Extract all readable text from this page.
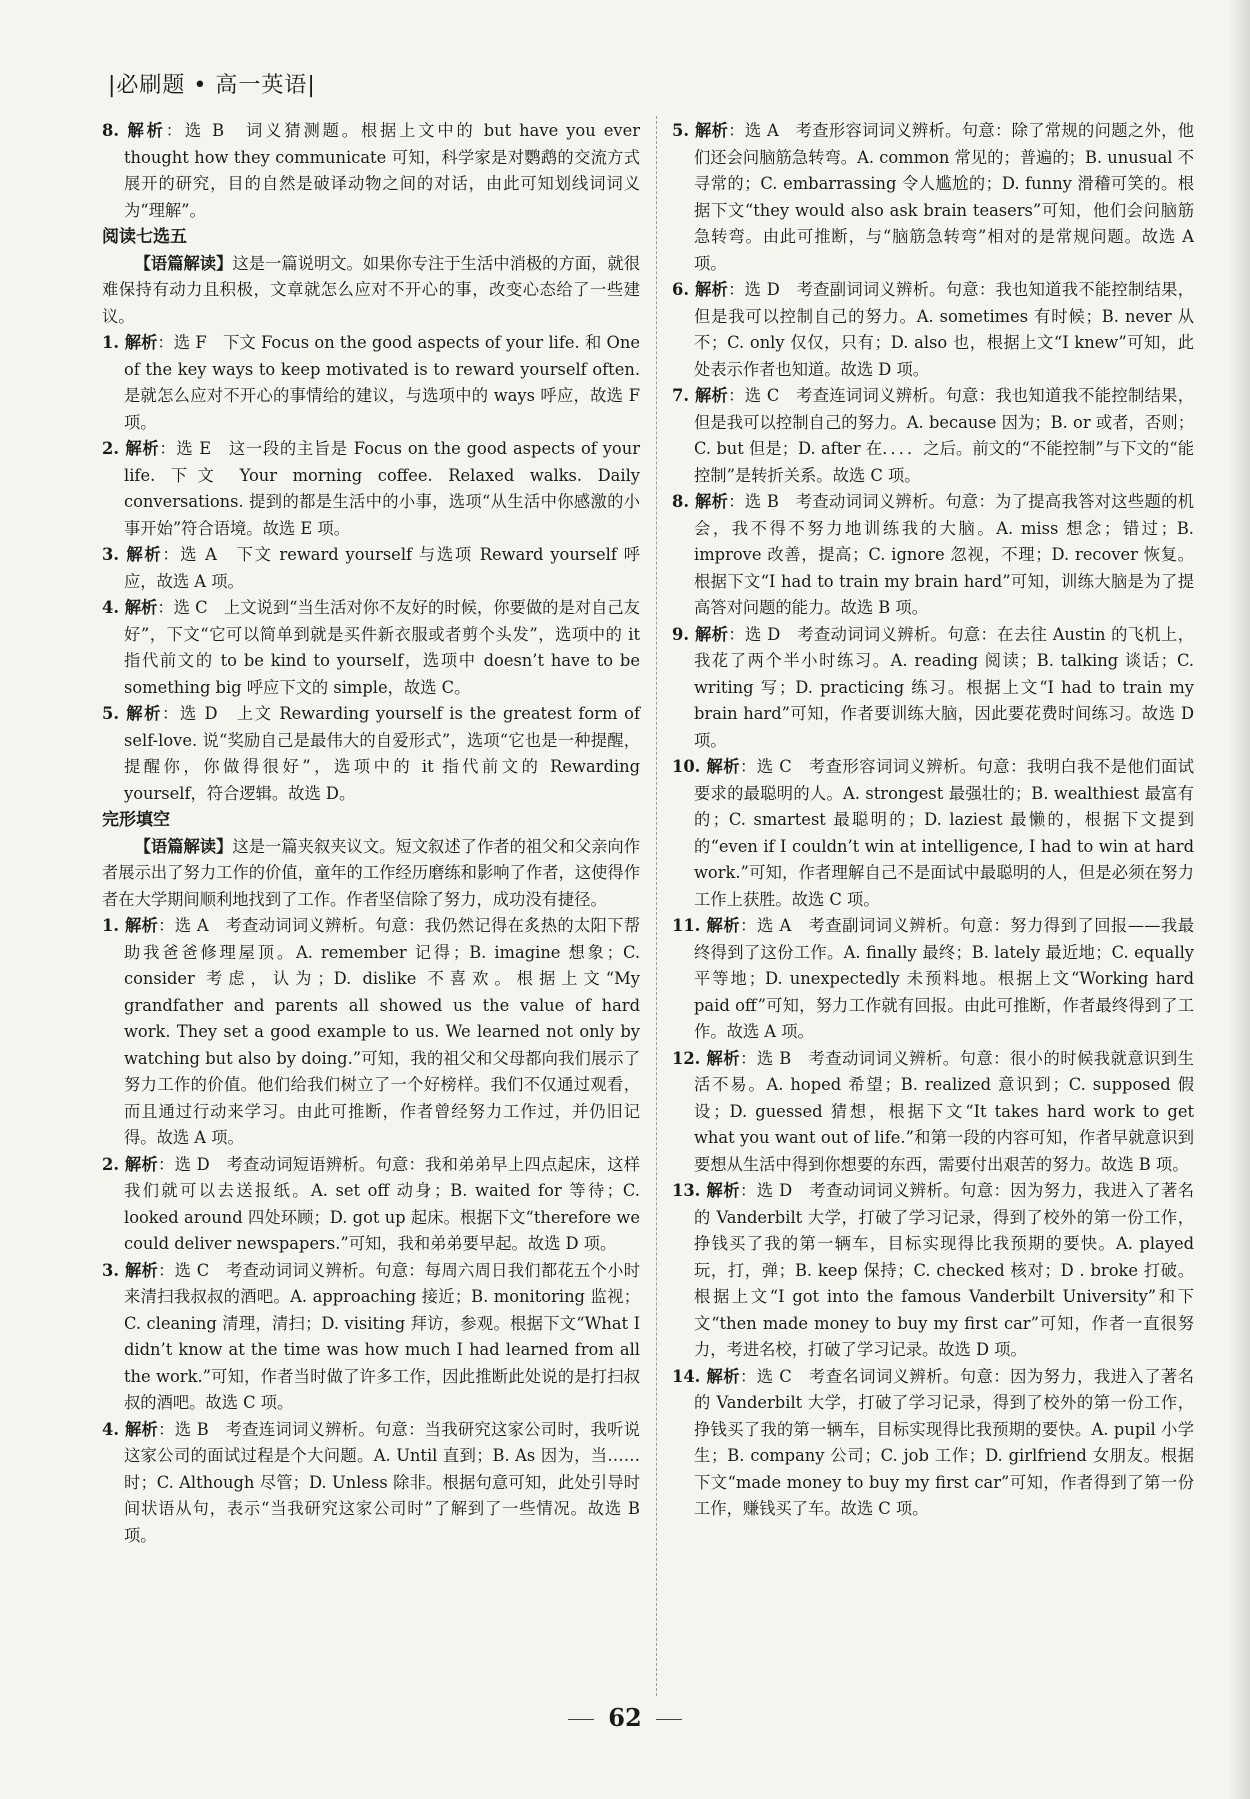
|必刷题 • 高一英语|

8. 解析：选 B　词义猜测题。根据上文中的 but have you ever thought how they communicate 可知，科学家是对鹦鹉的交流方式展开的研究，目的自然是破译动物之间的对话，由此可知划线词词义为“理解”。

阅读七选五

【语篇解读】这是一篇说明文。如果你专注于生活中消极的方面，就很难保持有动力且积极，文章就怎么应对不开心的事，改变心态给了一些建议。

1. 解析：选 F　下文 Focus on the good aspects of your life. 和 One of the key ways to keep motivated is to reward yourself often. 是就怎么应对不开心的事情给的建议，与选项中的 ways 呼应，故选 F 项。

2. 解析：选 E　这一段的主旨是 Focus on the good aspects of your life. 下文 Your morning coffee. Relaxed walks. Daily conversations. 提到的都是生活中的小事，选项“从生活中你感激的小事开始”符合语境。故选 E 项。

3. 解析：选 A　下文 reward yourself 与选项 Reward yourself 呼应，故选 A 项。

4. 解析：选 C　上文说到“当生活对你不友好的时候，你要做的是对自己友好”，下文“它可以简单到就是买件新衣服或者剪个头发”，选项中的 it 指代前文的 to be kind to yourself，选项中 doesn’t have to be something big 呼应下文的 simple，故选 C。

5. 解析：选 D　上文 Rewarding yourself is the greatest form of self-love. 说“奖励自己是最伟大的自爱形式”，选项“它也是一种提醒，提醒你，你做得很好”，选项中的 it 指代前文的 Rewarding yourself，符合逻辑。故选 D。

完形填空

【语篇解读】这是一篇夹叙夹议文。短文叙述了作者的祖父和父亲向作者展示出了努力工作的价值，童年的工作经历磨练和影响了作者，这使得作者在大学期间顺利地找到了工作。作者坚信除了努力，成功没有捷径。

1. 解析：选 A　考查动词词义辨析。句意：我仍然记得在炙热的太阳下帮助我爸爸修理屋顶。A. remember 记得；B. imagine 想象；C. consider 考虑，认为；D. dislike 不喜欢。根据上文“My grandfather and parents all showed us the value of hard work. They set a good example to us. We learned not only by watching but also by doing.”可知，我的祖父和父母都向我们展示了努力工作的价值。他们给我们树立了一个好榜样。我们不仅通过观看，而且通过行动来学习。由此可推断，作者曾经努力工作过，并仍旧记得。故选 A 项。

2. 解析：选 D　考查动词短语辨析。句意：我和弟弟早上四点起床，这样我们就可以去送报纸。A. set off 动身；B. waited for 等待；C. looked around 四处环顾；D. got up 起床。根据下文“therefore we could deliver newspapers.”可知，我和弟弟要早起。故选 D 项。

3. 解析：选 C　考查动词词义辨析。句意：每周六周日我们都花五个小时来清扫我叔叔的酒吧。A. approaching 接近；B. monitoring 监视；C. cleaning 清理，清扫；D. visiting 拜访，参观。根据下文“What I didn’t know at the time was how much I had learned from all the work.”可知，作者当时做了许多工作，因此推断此处说的是打扫叔叔的酒吧。故选 C 项。

4. 解析：选 B　考查连词词义辨析。句意：当我研究这家公司时，我听说这家公司的面试过程是个大问题。A. Until 直到；B. As 因为，当……时；C. Although 尽管；D. Unless 除非。根据句意可知，此处引导时间状语从句，表示“当我研究这家公司时”了解到了一些情况。故选 B 项。

5. 解析：选 A　考查形容词词义辨析。句意：除了常规的问题之外，他们还会问脑筋急转弯。A. common 常见的；普遍的；B. unusual 不寻常的；C. embarrassing 令人尴尬的；D. funny 滑稽可笑的。根据下文“they would also ask brain teasers”可知，他们会问脑筋急转弯。由此可推断，与“脑筋急转弯”相对的是常规问题。故选 A 项。

6. 解析：选 D　考查副词词义辨析。句意：我也知道我不能控制结果，但是我可以控制自己的努力。A. sometimes 有时候；B. never 从不；C. only 仅仅，只有；D. also 也，根据上文“I knew”可知，此处表示作者也知道。故选 D 项。

7. 解析：选 C　考查连词词义辨析。句意：我也知道我不能控制结果，但是我可以控制自己的努力。A. because 因为；B. or 或者，否则；C. but 但是；D. after 在．．．．之后。前文的“不能控制”与下文的“能控制”是转折关系。故选 C 项。

8. 解析：选 B　考查动词词义辨析。句意：为了提高我答对这些题的机会，我不得不努力地训练我的大脑。A. miss 想念；错过；B. improve 改善，提高；C. ignore 忽视，不理；D. recover 恢复。根据下文“I had to train my brain hard”可知，训练大脑是为了提高答对问题的能力。故选 B 项。

9. 解析：选 D　考查动词词义辨析。句意：在去往 Austin 的飞机上，我花了两个半小时练习。A. reading 阅读；B. talking 谈话；C. writing 写；D. practicing 练习。根据上文“I had to train my brain hard”可知，作者要训练大脑，因此要花费时间练习。故选 D 项。

10. 解析：选 C　考查形容词词义辨析。句意：我明白我不是他们面试要求的最聪明的人。A. strongest 最强壮的；B. wealthiest 最富有的；C. smartest 最聪明的；D. laziest 最懒的，根据下文提到的“even if I couldn’t win at intelligence, I had to win at hard work.”可知，作者理解自己不是面试中最聪明的人，但是必须在努力工作上获胜。故选 C 项。

11. 解析：选 A　考查副词词义辨析。句意：努力得到了回报——我最终得到了这份工作。A. finally 最终；B. lately 最近地；C. equally 平等地；D. unexpectedly 未预料地。根据上文“Working hard paid off”可知，努力工作就有回报。由此可推断，作者最终得到了工作。故选 A 项。

12. 解析：选 B　考查动词词义辨析。句意：很小的时候我就意识到生活不易。A. hoped 希望；B. realized 意识到；C. supposed 假设；D. guessed 猜想，根据下文“It takes hard work to get what you want out of life.”和第一段的内容可知，作者早就意识到要想从生活中得到你想要的东西，需要付出艰苦的努力。故选 B 项。

13. 解析：选 D　考查动词词义辨析。句意：因为努力，我进入了著名的 Vanderbilt 大学，打破了学习记录，得到了校外的第一份工作，挣钱买了我的第一辆车，目标实现得比我预期的要快。A. played 玩，打，弹；B. keep 保持；C. checked 核对；D . broke 打破。根据上文“I got into the famous Vanderbilt University”和下文“then made money to buy my first car”可知，作者一直很努力，考进名校，打破了学习记录。故选 D 项。

14. 解析：选 C　考查名词词义辨析。句意：因为努力，我进入了著名的 Vanderbilt 大学，打破了学习记录，得到了校外的第一份工作，挣钱买了我的第一辆车，目标实现得比我预期的要快。A. pupil 小学生；B. company 公司；C. job 工作；D. girlfriend 女朋友。根据下文“made money to buy my first car”可知，作者得到了第一份工作，赚钱买了车。故选 C 项。

62
